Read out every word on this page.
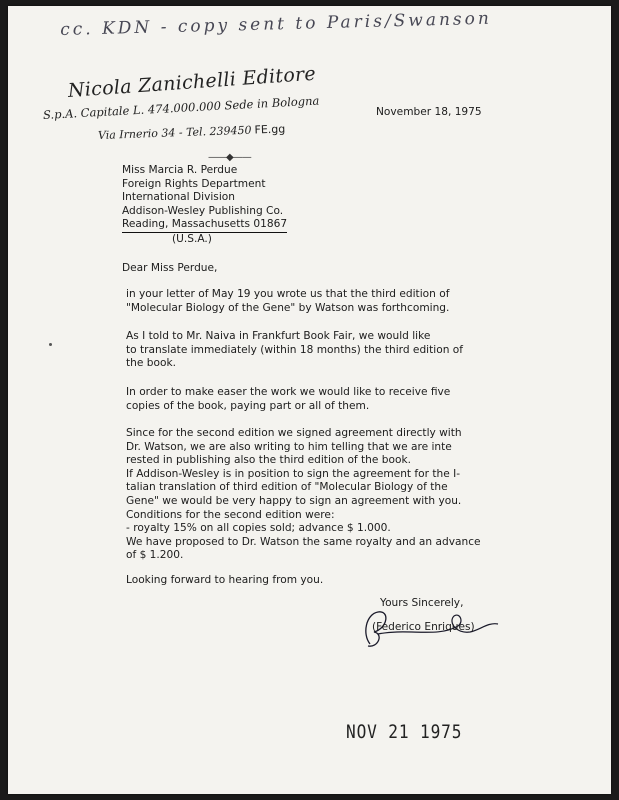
cc. KDN - copy sent to Paris/Swanson
Nicola Zanichelli Editore
S.p.A. Capitale L. 474.000.000 Sede in Bologna
Via Irnerio 34 - Tel. 239450 FE.gg
——◆——
November 18, 1975
Miss Marcia R. Perdue
Foreign Rights Department
International Division
Addison-Wesley Publishing Co.
Reading, Massachusetts 01867
(U.S.A.)
Dear Miss Perdue,
in your letter of May 19 you wrote us that the third edition of
"Molecular Biology of the Gene" by Watson was forthcoming.
As I told to Mr. Naiva in Frankfurt Book Fair, we would like
to translate immediately (within 18 months) the third edition of
the book.
In order to make easer the work we would like to receive five
copies of the book, paying part or all of them.
Since for the second edition we signed agreement directly with
Dr. Watson, we are also writing to him telling that we are inte
rested in publishing also the third edition of the book.
If Addison-Wesley is in position to sign the agreement for the I-
talian translation of third edition of "Molecular Biology of the
Gene" we would be very happy to sign an agreement with you.
Conditions for the second edition were:
- royalty 15% on all copies sold; advance $ 1.000.
We have proposed to Dr. Watson the same royalty and an advance
of $ 1.200.
Looking forward to hearing from you.
Yours Sincerely,
(Federico Enriques)
NOV 21 1975
